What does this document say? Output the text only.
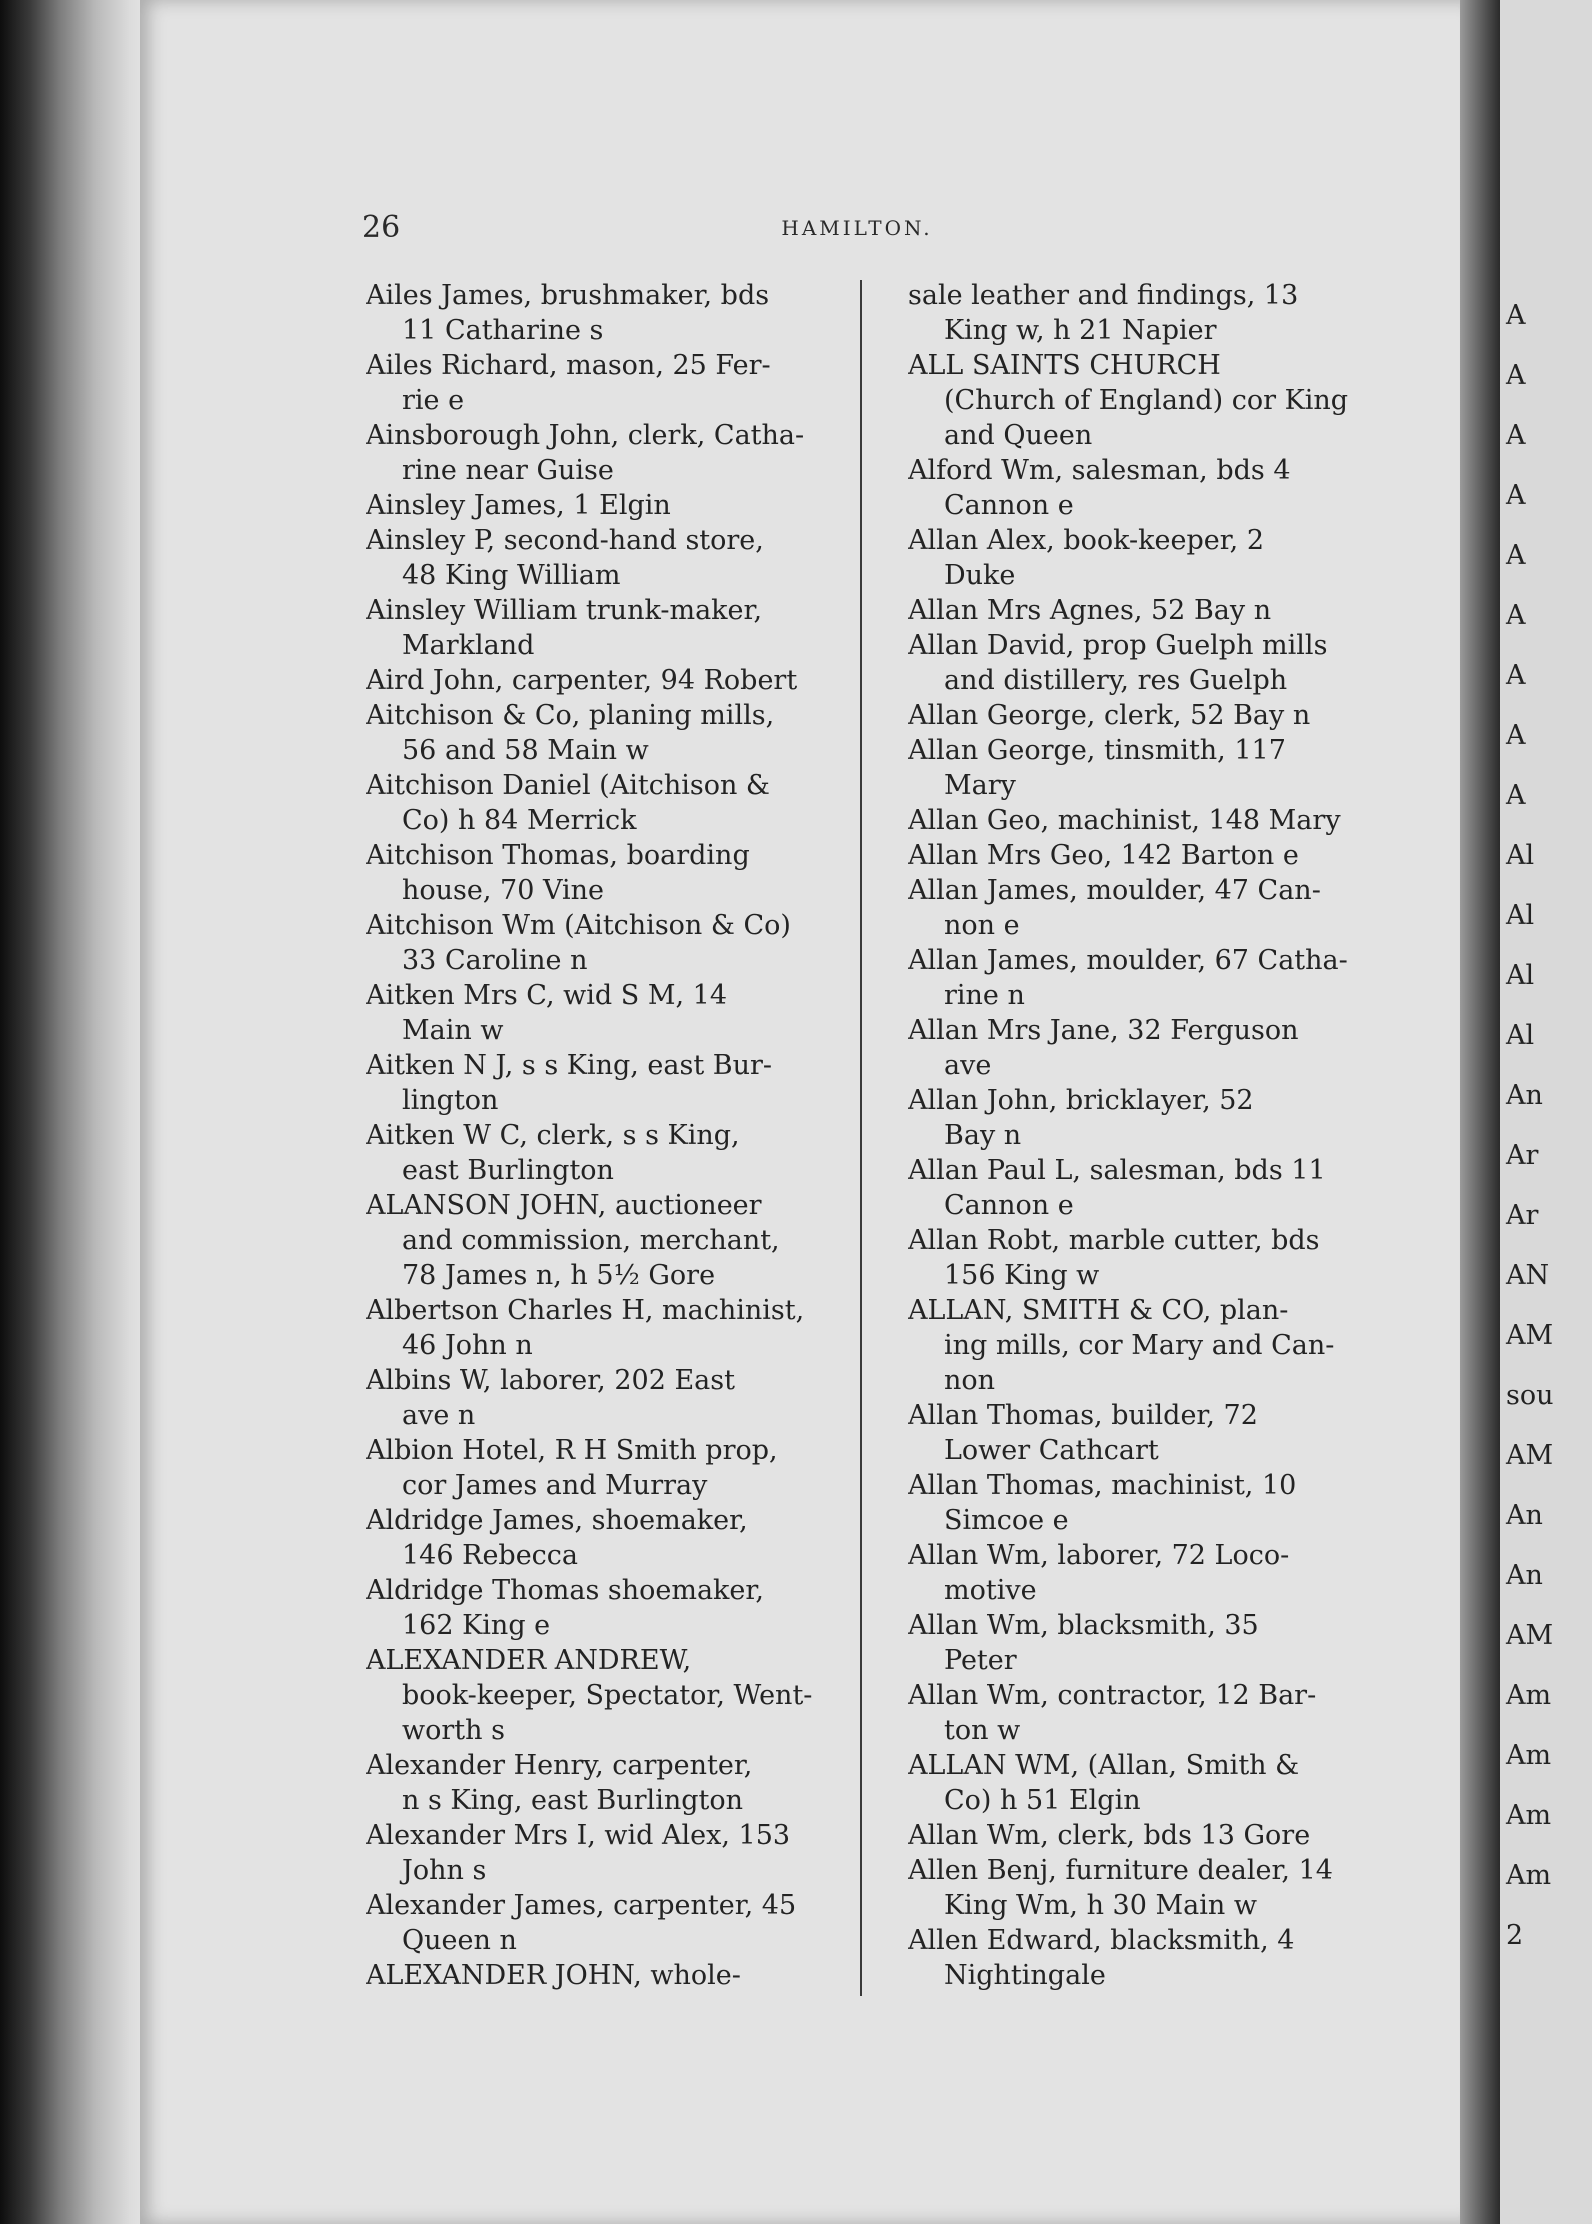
A
A
A
A
A
A
A
A
A
Al
Al
Al
Al
An
Ar
Ar
AN
AM
sou
AM
An
An
AM
Am
Am
Am
Am
2
26	HAMILTON.
Ailes James, brushmaker, bds

11 Catharine s
Ailes Richard, mason, 25 Fer-

rie e
Ainsborough John, clerk, Catha-

rine near Guise
Ainsley James, 1 Elgin

Ainsley P, second-hand store,

48 King William
Ainsley William trunk-maker,

Markland
Aird John, carpenter, 94 Robert

Aitchison & Co, planing mills,

56 and 58 Main w
Aitchison Daniel (Aitchison &

Co) h 84 Merrick
Aitchison Thomas, boarding

house, 70 Vine
Aitchison Wm (Aitchison & Co)

33 Caroline n
Aitken Mrs C, wid S M, 14

Main w
Aitken N J, s s King, east Bur-

lington
Aitken W C, clerk, s s King,

east Burlington
ALANSON JOHN, auctioneer

and commission, merchant,
78 James n, h 5½ Gore
Albertson Charles H, machinist,

46 John n
Albins W, laborer, 202 East

ave n
Albion Hotel, R H Smith prop,

cor James and Murray
Aldridge James, shoemaker,

146 Rebecca
Aldridge Thomas shoemaker,

162 King e
ALEXANDER ANDREW,

book-keeper, Spectator, Went-
worth s
Alexander Henry, carpenter,

n s King, east Burlington
Alexander Mrs I, wid Alex, 153

John s
Alexander James, carpenter, 45

Queen n
ALEXANDER JOHN, whole-

sale leather and findings, 13

King w, h 21 Napier
ALL SAINTS CHURCH

(Church of England) cor King
and Queen
Alford Wm, salesman, bds 4

Cannon e
Allan Alex, book-keeper, 2

Duke
Allan Mrs Agnes, 52 Bay n

Allan David, prop Guelph mills

and distillery, res Guelph
Allan George, clerk, 52 Bay n

Allan George, tinsmith, 117

Mary
Allan Geo, machinist, 148 Mary

Allan Mrs Geo, 142 Barton e

Allan James, moulder, 47 Can-

non e
Allan James, moulder, 67 Catha-

rine n
Allan Mrs Jane, 32 Ferguson

ave
Allan John, bricklayer, 52

Bay n
Allan Paul L, salesman, bds 11

Cannon e
Allan Robt, marble cutter, bds

156 King w
ALLAN, SMITH & CO, plan-

ing mills, cor Mary and Can-
non
Allan Thomas, builder, 72

Lower Cathcart
Allan Thomas, machinist, 10

Simcoe e
Allan Wm, laborer, 72 Loco-

motive
Allan Wm, blacksmith, 35

Peter
Allan Wm, contractor, 12 Bar-

ton w
ALLAN WM, (Allan, Smith &

Co) h 51 Elgin
Allan Wm, clerk, bds 13 Gore

Allen Benj, furniture dealer, 14

King Wm, h 30 Main w
Allen Edward, blacksmith, 4

Nightingale
